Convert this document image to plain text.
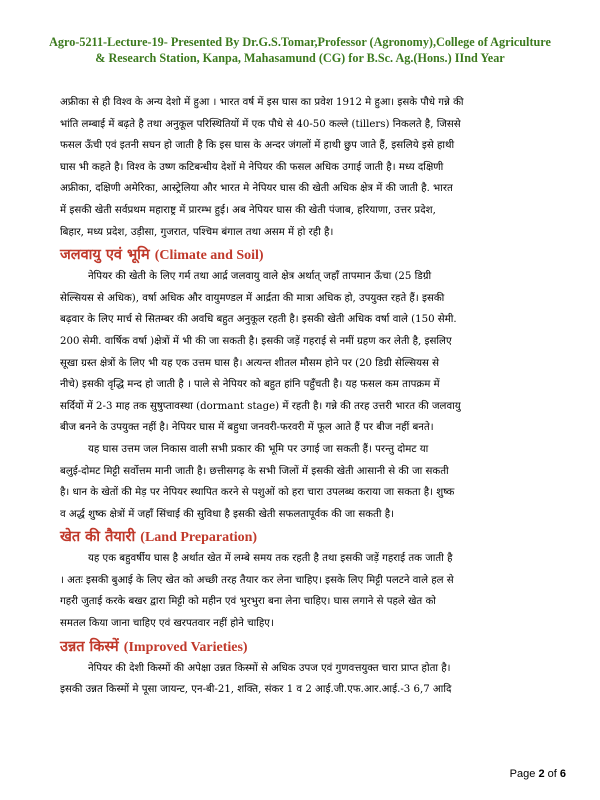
Agro-5211-Lecture-19- Presented By Dr.G.S.Tomar,Professor (Agronomy),College of Agriculture
& Research Station, Kanpa, Mahasamund (CG) for B.Sc. Ag.(Hons.) IInd Year
अफ्रीका से ही विश्व के अन्य देशो में हुआ । भारत वर्ष में इस घास का प्रवेश 1912 मे हुआ। इसके पौधे गन्ने की
भांति लम्बाई में बढ़ते है तथा अनुकूल परिस्थितियों में एक पौधे से 40-50 कल्ले (tillers) निकलते है, जिससे
फसल ऊँची एवं इतनी सघन हो जाती है कि इस घास के अन्दर जंगलों में हाथी छुप जाते हैं, इसलिये इसे हाथी
घास भी कहते है। विश्व के उष्ण कटिबन्धीय देशों मे नेपियर की फसल अधिक उगाई जाती है। मध्य दक्षिणी
अफ्रीका, दक्षिणी अमेरिका, आस्ट्रेलिया और भारत मे नेपियर घास की खेती अधिक क्षेत्र में की जाती है. भारत
में इसकी खेती सर्वप्रथम महाराष्ट्र में प्रारम्भ हुई। अब नेपियर घास की खेती पंजाब, हरियाणा, उत्तर प्रदेश,
बिहार, मध्य प्रदेश, उड़ीसा, गुजरात, पश्चिम बंगाल तथा असम में हो रही है।
जलवायु एवं भूमि (Climate and Soil)
नेपियर की खेती के लिए गर्म तथा आर्द्र जलवायु वाले क्षेत्र अर्थात् जहाँ तापमान ऊँचा (25 डिग्री
सेल्सियस से अधिक), वर्षा अधिक और वायुमण्डल में आर्द्रता की मात्रा अधिक हो, उपयुक्त रहते हैं। इसकी
बढ़वार के लिए मार्च से सितम्बर की अवधि बहुत अनुकूल रहती है। इसकी खेती अधिक वर्षा वाले (150 सेमी.
200 सेमी. वार्षिक वर्षा )क्षेत्रों में भी की जा सकती है। इसकी जड़ें गहराई से नमीं ग्रहण कर लेती है, इसलिए
सूखा ग्रस्त क्षेत्रों के लिए भी यह एक उत्तम घास है। अत्यन्त शीतल मौसम होने पर (20 डिग्री सेल्सियस से
नीचे) इसकी वृद्धि मन्द हो जाती है । पाले से नेपियर को बहुत हांनि पहुँचती है। यह फसल कम तापक्रम में
सर्दियों में 2-3 माह तक सुषुप्तावस्था (dormant stage) में रहती है। गन्ने की तरह उत्तरी भारत की जलवायु
बीज बनने के उपयुक्त नहीं है। नेपियर घास में बहुधा जनवरी-फरवरी में फूल आते हैं पर बीज नहीं बनते।
यह घास उत्तम जल निकास वाली सभी प्रकार की भूमि पर उगाई जा सकती हैं। परन्तु दोमट या
बलुई-दोमट मिट्टी सर्वोत्तम मानी जाती है। छत्तीसगढ़ के सभी जिलों में इसकी खेती आसानी से की जा सकती
है। धान के खेतों की मेड़ पर नेपियर स्थापित करने से पशुओं को हरा चारा उपलब्ध कराया जा सकता है। शुष्क
व अर्द्ध शुष्क क्षेत्रों में जहाँ सिंचाई की सुविधा है इसकी खेती सफलतापूर्वक की जा सकती है।
खेत की तैयारी (Land Preparation)
यह एक बहुवर्षीय घास है अर्थात खेत में लम्बे समय तक रहती है तथा इसकी जड़ें गहराई तक जाती है
। अतः इसकी बुआई के लिए खेत को अच्छी तरह तैयार कर लेना चाहिए। इसके लिए मिट्टी पलटने वाले हल से
गहरी जुताई करके बखर द्वारा मिट्टी को महीन एवं भुरभुरा बना लेना चाहिए। घास लगाने से पहले खेत को
समतल किया जाना चाहिए एवं खरपतवार नहीं होने चाहिए।
उन्नत किस्में (Improved Varieties)
नेपियर की देशी किस्मों की अपेक्षा उन्नत किस्मों से अधिक उपज एवं गुणवत्तयुक्त चारा प्राप्त होता है।
इसकी उन्नत किस्मों मे पूसा जायन्ट, एन-बी-21, शक्ति, संकर 1 व 2 आई.जी.एफ.आर.आई.-3 6,7 आदि
Page 2 of 6
